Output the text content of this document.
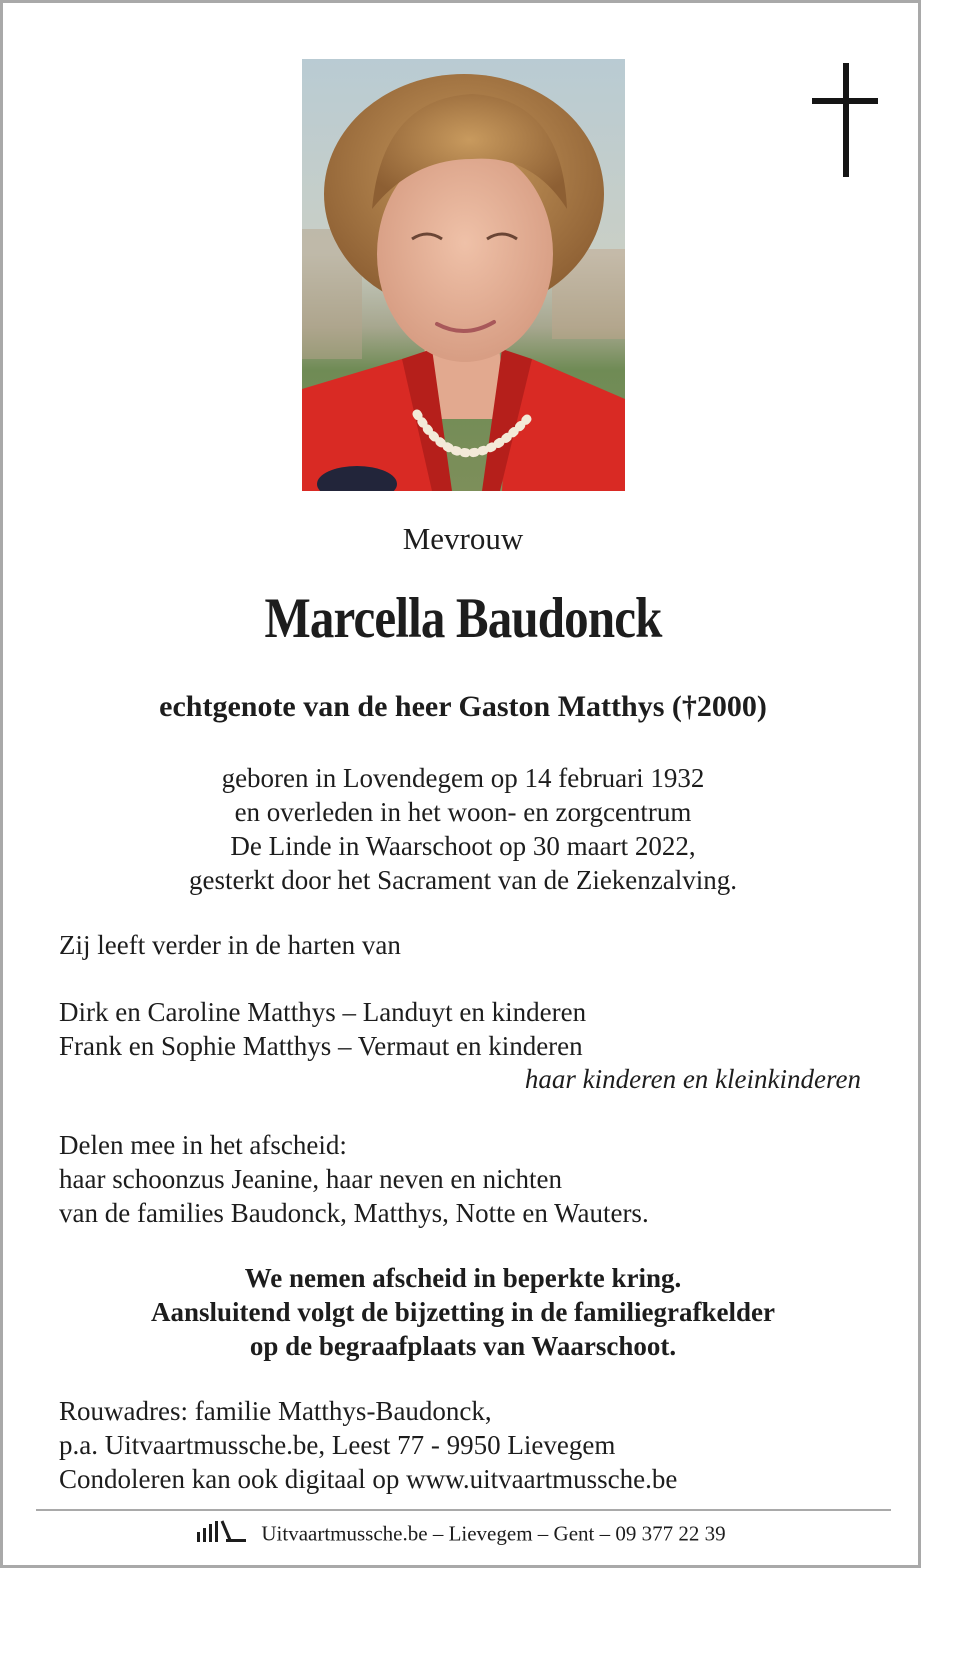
Mevrouw
Marcella Baudonck
echtgenote van de heer Gaston Matthys (†2000)
geboren in Lovendegem op 14 februari 1932
en overleden in het woon- en zorgcentrum
De Linde in Waarschoot op 30 maart 2022,
gesterkt door het Sacrament van de Ziekenzalving.
Zij leeft verder in de harten van
Dirk en Caroline Matthys – Landuyt en kinderen
Frank en Sophie Matthys – Vermaut en kinderen
haar kinderen en kleinkinderen
Delen mee in het afscheid:
haar schoonzus Jeanine, haar neven en nichten
van de families Baudonck, Matthys, Notte en Wauters.
We nemen afscheid in beperkte kring.
Aansluitend volgt de bijzetting in de familiegrafkelder
op de begraafplaats van Waarschoot.
Rouwadres: familie Matthys-Baudonck,
p.a. Uitvaartmussche.be, Leest 77 - 9950 Lievegem
Condoleren kan ook digitaal op www.uitvaartmussche.be
Uitvaartmussche.be – Lievegem – Gent – 09 377 22 39
